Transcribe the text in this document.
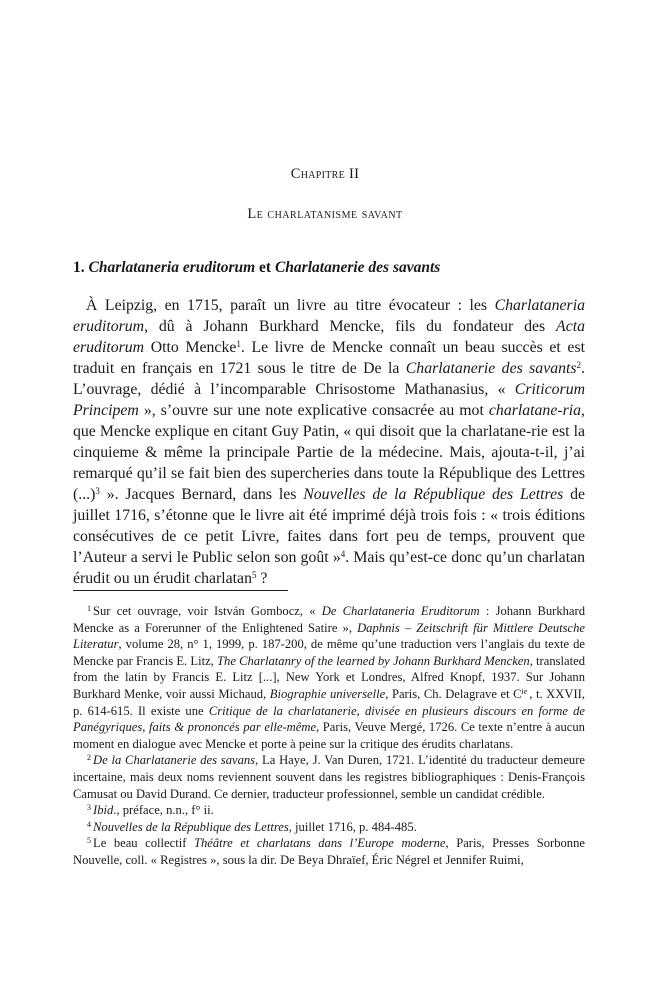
Chapitre II
Le charlatanisme savant
1. Charlataneria eruditorum et Charlatanerie des savants

À Leipzig, en 1715, paraît un livre au titre évocateur : les Charlataneria eruditorum, dû à Johann Burkhard Mencke, fils du fondateur des Acta eruditorum Otto Mencke$^1$. Le livre de Mencke connaît un beau succès et est traduit en français en 1721 sous le titre de De la Charlatanerie des savants$^2$. L’ouvrage, dédié à l’incomparable Chrisostome Mathanasius, « Criticorum Principem », s’ouvre sur une note explicative consacrée au mot charlatane-ria, que Mencke explique en citant Guy Patin, « qui disoit que la charlatane-rie est la cinquieme & même la principale Partie de la médecine. Mais, ajouta-t-il, j’ai remarqué qu’il se fait bien des supercheries dans toute la République des Lettres (...)$^3$ ». Jacques Bernard, dans les Nouvelles de la République des Lettres de juillet 1716, s’étonne que le livre ait été imprimé déjà trois fois : « trois éditions consécutives de ce petit Livre, faites dans fort peu de temps, prouvent que l’Auteur a servi le Public selon son goût »$^4$. Mais qu’est-ce donc qu’un charlatan érudit ou un érudit charlatan$^5$ ?

$^1$ Sur cet ouvrage, voir István Gombocz, « De Charlataneria Eruditorum : Johann Burkhard Mencke as a Forerunner of the Enlightened Satire », Daphnis – Zeitschrift für Mittlere Deutsche Literatur, volume 28, n° 1, 1999, p. 187-200, de même qu’une traduction vers l’anglais du texte de Mencke par Francis E. Litz, The Charlatanry of the learned by Johann Burkhard Mencken, translated from the latin by Francis E. Litz [...], New York et Londres, Alfred Knopf, 1937. Sur Johann Burkhard Menke, voir aussi Michaud, Biographie universelle, Paris, Ch. Delagrave et $C^{ie}$ , t. XXVII, p. 614-615. Il existe une Critique de la charlatanerie, divisée en plusieurs discours en forme de Panégyriques, faits & prononcés par elle-même, Paris, Veuve Mergé, 1726. Ce texte n’entre à aucun moment en dialogue avec Mencke et porte à peine sur la critique des érudits charlatans.

$^2$ De la Charlatanerie des savans, La Haye, J. Van Duren, 1721. L’identité du traducteur demeure incertaine, mais deux noms reviennent souvent dans les registres bibliographiques : Denis-François Camusat ou David Durand. Ce dernier, traducteur professionnel, semble un candidat crédible.

$^3$ Ibid., préface, n.n., f° ii.

$^4$ Nouvelles de la République des Lettres, juillet 1716, p. 484-485.

$^5$ Le beau collectif Théâtre et charlatans dans l’Europe moderne, Paris, Presses Sorbonne Nouvelle, coll. « Registres », sous la dir. De Beya Dhraïef, Éric Négrel et Jennifer Ruimi,
